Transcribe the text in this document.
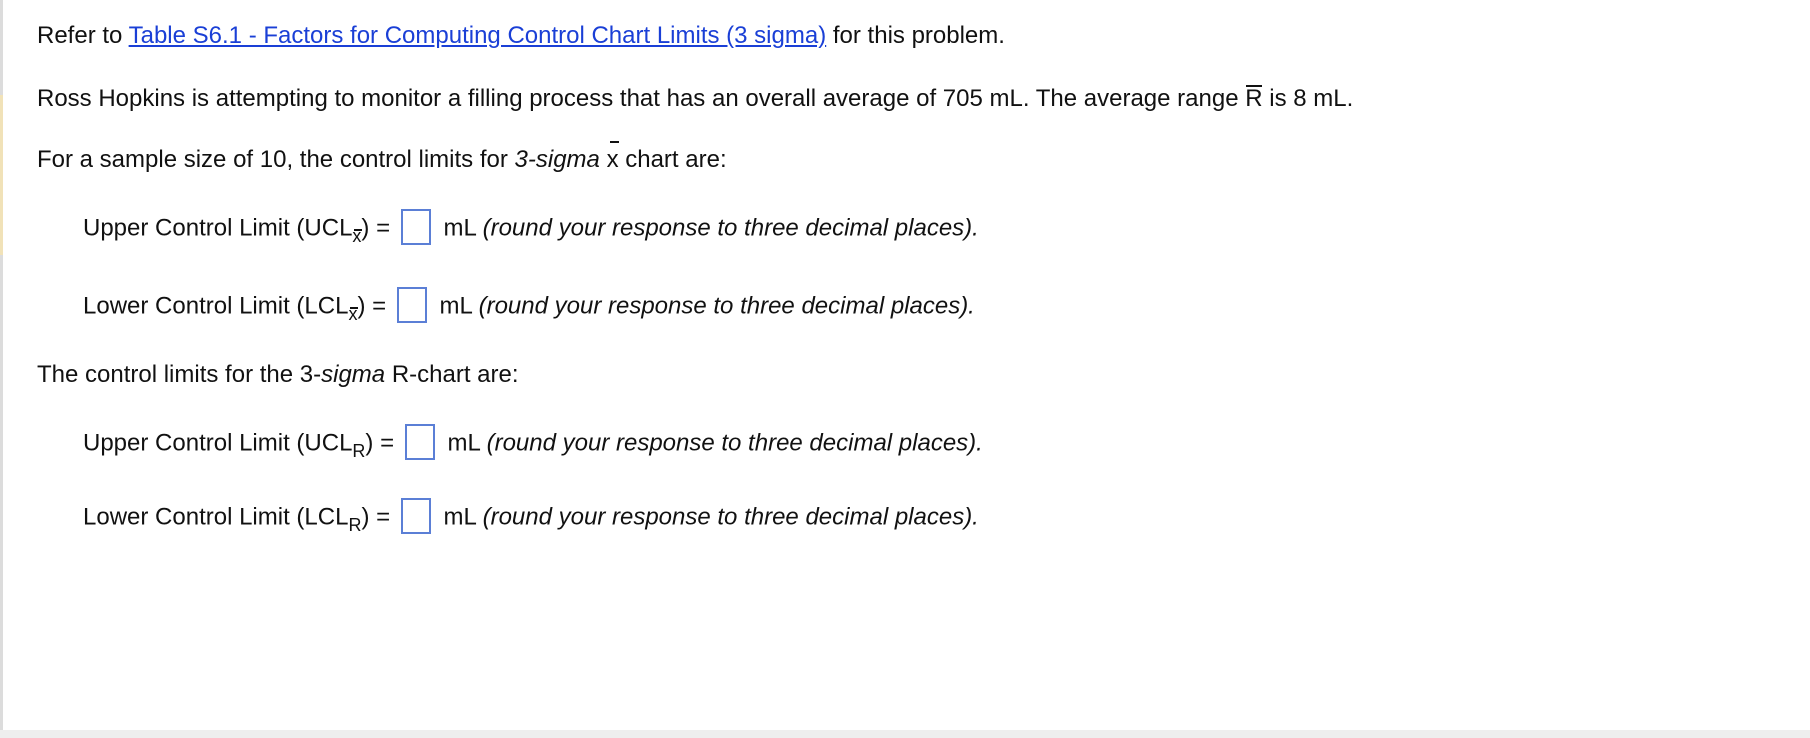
Refer to Table S6.1 - Factors for Computing Control Chart Limits (3 sigma) for this problem.
Ross Hopkins is attempting to monitor a filling process that has an overall average of 705 mL. The average range R is 8 mL.
For a sample size of 10, the control limits for 3-sigma x chart are:
Upper Control Limit (UCLx) = mL (round your response to three decimal places).
Lower Control Limit (LCLx) = mL (round your response to three decimal places).
The control limits for the 3-sigma R-chart are:
Upper Control Limit $(UCL_R)$ = mL (round your response to three decimal places).
Lower Control Limit $(LCL_R)$ = mL (round your response to three decimal places).
